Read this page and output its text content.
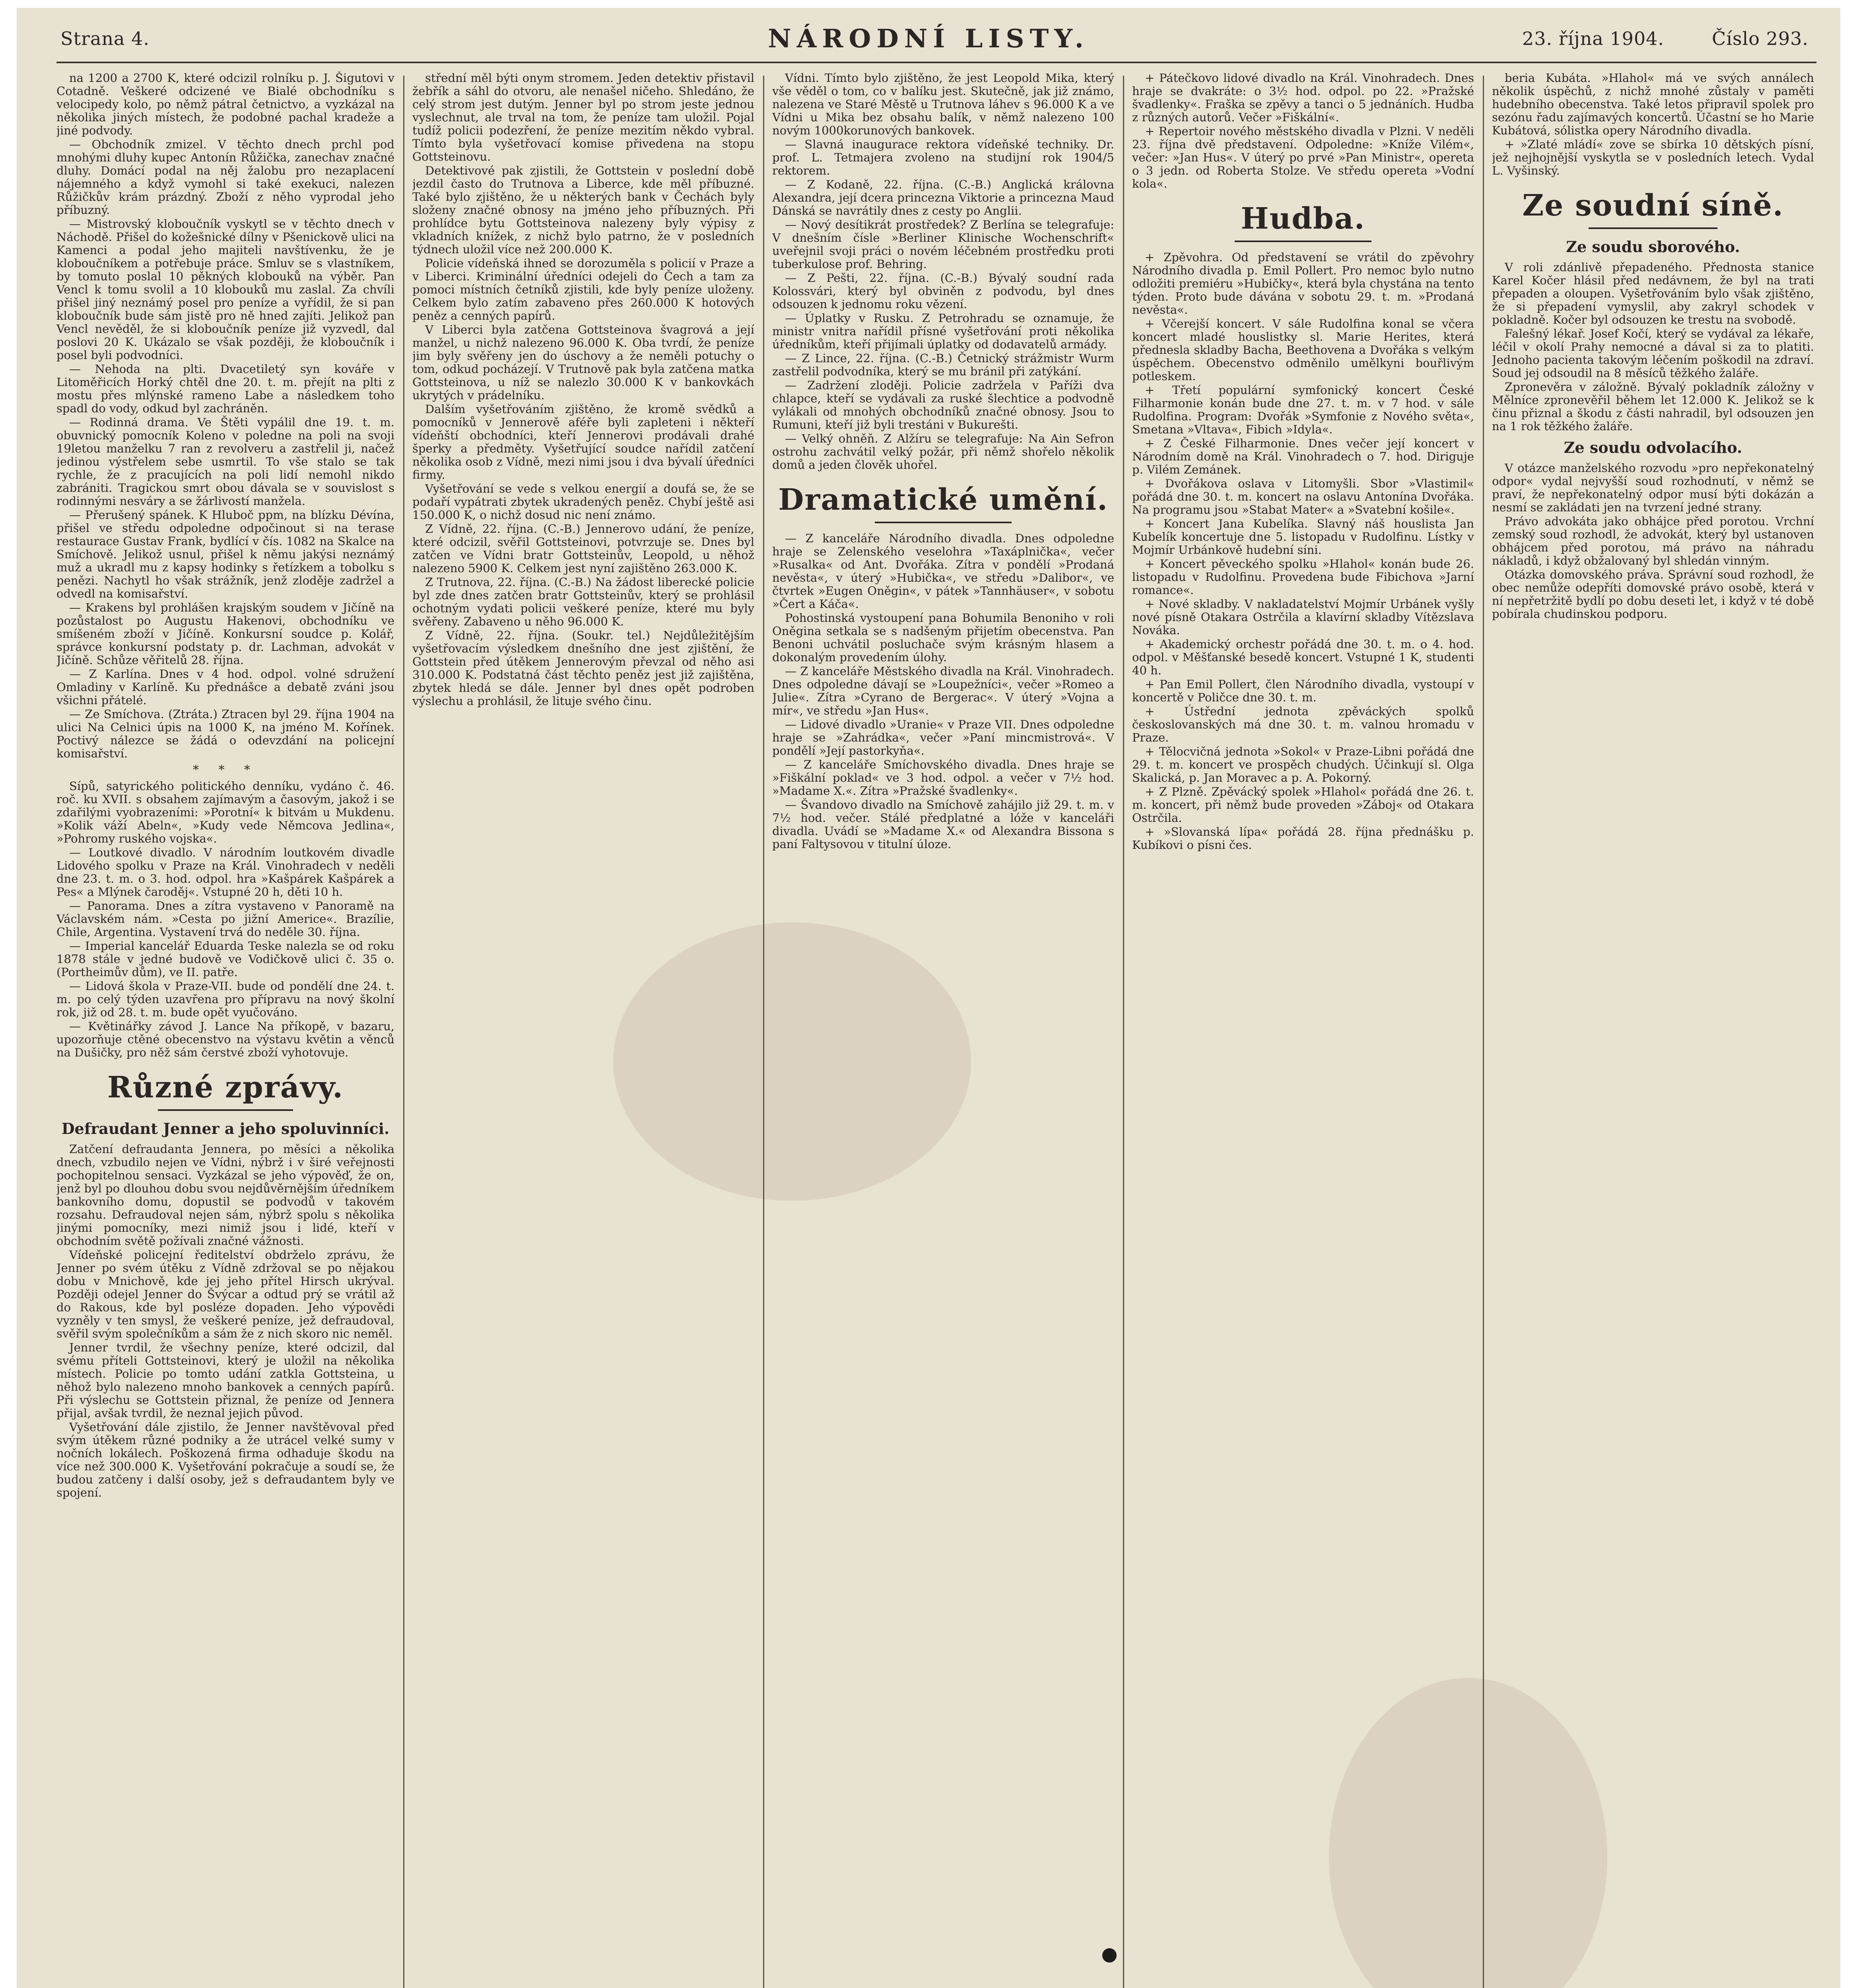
Strana 4.	NÁRODNÍ LISTY.	23. října 1904.	Číslo 293.

na 1200 a 2700 K, které odcizil rolníku p. J. Šigutovi v Cotadně. Veškeré odcizené ve Bialé obchodníku s velocipedy kolo, po němž pátral četnictvo, a vyzkázal na několika jiných místech, že podobné pachal kradeže a jiné podvody.

— Obchodník zmizel. V těchto dnech prchl pod mnohými dluhy kupec Antonín Růžička, zanechav značné dluhy. Domácí podal na něj žalobu pro nezaplacení nájemného a když vymohl si také exekuci, nalezen Růžičkův krám prázdný. Zboží z něho vyprodal jeho příbuzný.

— Mistrovský kloboučník vyskytl se v těchto dnech v Náchodě. Přišel do kožešnické dílny v Pšenickově ulici na Kamenci a podal jeho majiteli navštívenku, že je kloboučníkem a potřebuje práce. Smluv se s vlastníkem, by tomuto poslal 10 pěkných klobouků na výběr. Pan Vencl k tomu svolil a 10 klobouků mu zaslal. Za chvíli přišel jiný neznámý posel pro peníze a vyřídil, že si pan kloboučník bude sám jistě pro ně hned zajíti. Jelikož pan Vencl nevěděl, že si kloboučník peníze již vyzvedl, dal poslovi 20 K. Ukázalo se však později, že kloboučník i posel byli podvodníci.

— Nehoda na plti. Dvacetiletý syn kováře v Litoměřicích Horký chtěl dne 20. t. m. přejít na plti z mostu přes mlýnské rameno Labe a následkem toho spadl do vody, odkud byl zachráněn.

— Rodinná drama. Ve Štěti vypálil dne 19. t. m. obuvnický pomocník Koleno v poledne na poli na svoji 19letou manželku 7 ran z revolveru a zastřelil ji, načež jedinou výstřelem sebe usmrtil. To vše stalo se tak rychle, že z pracujících na poli lidí nemohl nikdo zabrániti. Tragickou smrt obou dávala se v souvislost s rodinnými nesváry a se žárlivostí manžela.

— Přerušený spánek. K Hluboč ppm, na blízku Dévína, přišel ve středu odpoledne odpočinout si na terase restaurace Gustav Frank, bydlící v čís. 1082 na Skalce na Smíchově. Jelikož usnul, přišel k němu jakýsi neznámý muž a ukradl mu z kapsy hodinky s řetízkem a tobolku s penězi. Nachytl ho však strážník, jenž zloděje zadržel a odvedl na komisařství.

— Krakens byl prohlášen krajským soudem v Jičíně na pozůstalost po Augustu Hakenovi, obchodníku ve smíšeném zboží v Jičíně. Konkursní soudce p. Kolář, správce konkursní podstaty p. dr. Lachman, advokát v Jičíně. Schůze věřitelů 28. října.

— Z Karlína. Dnes v 4 hod. odpol. volné sdružení Omladiny v Karlíně. Ku přednášce a debatě zváni jsou všichni přátelé.

— Ze Smíchova. (Ztráta.) Ztracen byl 29. října 1904 na ulici Na Celnici úpis na 1000 K, na jméno M. Kořínek. Poctivý nálezce se žádá o odevzdání na policejní komisařství.

* * *

Sípů, satyrického politického denníku, vydáno č. 46. roč. ku XVII. s obsahem zajímavým a časovým, jakož i se zdařilými vyobrazeními: »Porotní« k bitvám u Mukdenu. »Kolik váží Abeln«, »Kudy vede Němcova Jedlina«, »Pohromy ruského vojska«.

— Loutkové divadlo. V národním loutkovém divadle Lidového spolku v Praze na Král. Vinohradech v neděli dne 23. t. m. o 3. hod. odpol. hra »Kašpárek Kašpárek a Pes« a Mlýnek čaroděj«. Vstupné 20 h, děti 10 h.

— Panorama. Dnes a zítra vystaveno v Panoramě na Václavském nám. »Cesta po jižní Americe«. Brazílie, Chile, Argentina. Vystavení trvá do neděle 30. října.

— Imperial kancelář Eduarda Teske nalezla se od roku 1878 stále v jedné budově ve Vodičkově ulici č. 35 o. (Portheimův dům), ve II. patře.

— Lidová škola v Praze-VII. bude od pondělí dne 24. t. m. po celý týden uzavřena pro přípravu na nový školní rok, již od 28. t. m. bude opět vyučováno.

— Květinářky závod J. Lance Na příkopě, v bazaru, upozorňuje ctěné obecenstvo na výstavu květin a věnců na Dušičky, pro něž sám čerstvé zboží vyhotovuje.

Různé zprávy.
Defraudant Jenner a jeho spoluvinníci.

Zatčení defraudanta Jennera, po měsíci a několika dnech, vzbudilo nejen ve Vídni, nýbrž i v širé veřejnosti pochopitelnou sensaci. Vyzkázal se jeho výpověď, že on, jenž byl po dlouhou dobu svou nejdůvěrnějším úředníkem bankovního domu, dopustil se podvodů v takovém rozsahu. Defraudoval nejen sám, nýbrž spolu s několika jinými pomocníky, mezi nimiž jsou i lidé, kteří v obchodním světě požívali značné vážnosti.

Vídeňské policejní ředitelství obdrželo zprávu, že Jenner po svém útěku z Vídně zdržoval se po nějakou dobu v Mnichově, kde jej jeho přítel Hirsch ukrýval. Později odejel Jenner do Švýcar a odtud prý se vrátil až do Rakous, kde byl posléze dopaden. Jeho výpovědi vyzněly v ten smysl, že veškeré peníze, jež defraudoval, svěřil svým společníkům a sám že z nich skoro nic neměl.

Jenner tvrdil, že všechny peníze, které odcizil, dal svému příteli Gottsteinovi, který je uložil na několika místech. Policie po tomto udání zatkla Gottsteina, u něhož bylo nalezeno mnoho bankovek a cenných papírů. Při výslechu se Gottstein přiznal, že peníze od Jennera přijal, avšak tvrdil, že neznal jejich původ.

Vyšetřování dále zjistilo, že Jenner navštěvoval před svým útěkem různé podniky a že utrácel velké sumy v nočních lokálech. Poškozená firma odhaduje škodu na více než 300.000 K. Vyšetřování pokračuje a soudí se, že budou zatčeny i další osoby, jež s defraudantem byly ve spojení.

střední měl býti onym stromem. Jeden detektiv přistavil žebřík a sáhl do otvoru, ale nenašel ničeho. Shledáno, že celý strom jest dutým. Jenner byl po strom jeste jednou vyslechnut, ale trval na tom, že peníze tam uložil. Pojal tudíž policii podezření, že peníze mezitím někdo vybral. Tímto byla vyšetřovací komise přivedena na stopu Gottsteinovu.

Detektivové pak zjistili, že Gottstein v poslední době jezdil často do Trutnova a Liberce, kde měl příbuzné. Také bylo zjištěno, že u některých bank v Čechách byly složeny značné obnosy na jméno jeho příbuzných. Při prohlídce bytu Gottsteinova nalezeny byly výpisy z vkladních knížek, z nichž bylo patrno, že v posledních týdnech uložil více než 200.000 K.

Policie vídeňská ihned se dorozuměla s policií v Praze a v Liberci. Kriminální úředníci odejeli do Čech a tam za pomoci místních četníků zjistili, kde byly peníze uloženy. Celkem bylo zatím zabaveno přes 260.000 K hotových peněz a cenných papírů.

V Liberci byla zatčena Gottsteinova švagrová a její manžel, u nichž nalezeno 96.000 K. Oba tvrdí, že peníze jim byly svěřeny jen do úschovy a že neměli potuchy o tom, odkud pocházejí. V Trutnově pak byla zatčena matka Gottsteinova, u níž se nalezlo 30.000 K v bankovkách ukrytých v prádelníku.

Dalším vyšetřováním zjištěno, že kromě svědků a pomocníků v Jennerově aféře byli zapleteni i někteří vídeňští obchodníci, kteří Jennerovi prodávali drahé šperky a předměty. Vyšetřující soudce nařídil zatčení několika osob z Vídně, mezi nimi jsou i dva bývalí úředníci firmy.

Vyšetřování se vede s velkou energií a doufá se, že se podaří vypátrati zbytek ukradených peněz. Chybí ještě asi 150.000 K, o nichž dosud nic není známo.

Z Vídně, 22. října. (C.-B.) Jennerovo udání, že peníze, které odcizil, svěřil Gottsteinovi, potvrzuje se. Dnes byl zatčen ve Vídni bratr Gottsteinův, Leopold, u něhož nalezeno 5900 K. Celkem jest nyní zajištěno 263.000 K.

Z Trutnova, 22. října. (C.-B.) Na žádost liberecké policie byl zde dnes zatčen bratr Gottsteinův, který se prohlásil ochotným vydati policii veškeré peníze, které mu byly svěřeny. Zabaveno u něho 96.000 K.

Z Vídně, 22. října. (Soukr. tel.) Nejdůležitějším vyšetřovacím výsledkem dnešního dne jest zjištění, že Gottstein před útěkem Jennerovým převzal od něho asi 310.000 K. Podstatná část těchto peněz jest již zajištěna, zbytek hledá se dále. Jenner byl dnes opět podroben výslechu a prohlásil, že lituje svého činu.

Vídni. Tímto bylo zjištěno, že jest Leopold Mika, který vše věděl o tom, co v balíku jest. Skutečně, jak již známo, nalezena ve Staré Městě u Trutnova láhev s 96.000 K a ve Vídni u Mika bez obsahu balík, v němž nalezeno 100 novým 1000korunových bankovek.

— Slavná inaugurace rektora vídeňské techniky. Dr. prof. L. Tetmajera zvoleno na studijní rok 1904/5 rektorem.

— Z Kodaně, 22. října. (C.-B.) Anglická královna Alexandra, její dcera princezna Viktorie a princezna Maud Dánská se navrátily dnes z cesty po Anglii.

— Nový desítikrát prostředek? Z Berlína se telegrafuje: V dnešním čísle »Berliner Klinische Wochenschrift« uveřejnil svoji práci o novém léčebném prostředku proti tuberkulose prof. Behring.

— Z Pešti, 22. října. (C.-B.) Bývalý soudní rada Kolossvári, který byl obviněn z podvodu, byl dnes odsouzen k jednomu roku vězení.

— Úplatky v Rusku. Z Petrohradu se oznamuje, že ministr vnitra nařídil přísné vyšetřování proti několika úředníkům, kteří přijímali úplatky od dodavatelů armády.

— Z Lince, 22. října. (C.-B.) Četnický strážmistr Wurm zastřelil podvodníka, který se mu bránil při zatýkání.

— Zadržení zloději. Policie zadržela v Paříži dva chlapce, kteří se vydávali za ruské šlechtice a podvodně vylákali od mnohých obchodníků značné obnosy. Jsou to Rumuni, kteří již byli trestáni v Bukurešti.

— Velký ohněň. Z Alžíru se telegrafuje: Na Ain Sefron ostrohu zachvátil velký požár, při němž shořelo několik domů a jeden člověk uhořel.

Dramatické umění.

— Z kanceláře Národního divadla. Dnes odpoledne hraje se Zelenského veselohra »Taxáplnička«, večer »Rusalka« od Ant. Dvořáka. Zítra v pondělí »Prodaná nevěsta«, v úterý »Hubička«, ve středu »Dalibor«, ve čtvrtek »Eugen Oněgin«, v pátek »Tannhäuser«, v sobotu »Čert a Káča«.

Pohostinská vystoupení pana Bohumila Benoniho v roli Oněgina setkala se s nadšeným přijetím obecenstva. Pan Benoni uchvátil posluchače svým krásným hlasem a dokonalým provedením úlohy.

— Z kanceláře Městského divadla na Král. Vinohradech. Dnes odpoledne dávají se »Loupežníci«, večer »Romeo a Julie«. Zítra »Cyrano de Bergerac«. V úterý »Vojna a mír«, ve středu »Jan Hus«.

— Lidové divadlo »Uranie« v Praze VII. Dnes odpoledne hraje se »Zahrádka«, večer »Paní mincmistrová«. V pondělí »Její pastorkyňa«.

— Z kanceláře Smíchovského divadla. Dnes hraje se »Fiškální poklad« ve 3 hod. odpol. a večer v 7½ hod. »Madame X.«. Zítra »Pražské švadlenky«.

— Švandovo divadlo na Smíchově zahájilo již 29. t. m. v 7½ hod. večer. Stálé předplatné a lóže v kanceláři divadla. Uvádí se »Madame X.« od Alexandra Bissona s paní Faltysovou v titulní úloze.

+ Pátečkovo lidové divadlo na Král. Vinohradech. Dnes hraje se dvakráte: o 3½ hod. odpol. po 22. »Pražské švadlenky«. Fraška se zpěvy a tanci o 5 jednáních. Hudba z různých autorů. Večer »Fiškální«.

+ Repertoir nového městského divadla v Plzni. V neděli 23. října dvě představení. Odpoledne: »Kníže Vilém«, večer: »Jan Hus«. V úterý po prvé »Pan Ministr«, opereta o 3 jedn. od Roberta Stolze. Ve středu opereta »Vodní kola«.

Hudba.

+ Zpěvohra. Od představení se vrátil do zpěvohry Národního divadla p. Emil Pollert. Pro nemoc bylo nutno odložiti premiéru »Hubičky«, která byla chystána na tento týden. Proto bude dávána v sobotu 29. t. m. »Prodaná nevěsta«.

+ Včerejší koncert. V sále Rudolfina konal se včera koncert mladé houslistky sl. Marie Herites, která přednesla skladby Bacha, Beethovena a Dvořáka s velkým úspěchem. Obecenstvo odměnilo umělkyni bouřlivým potleskem.

+ Třetí populární symfonický koncert České Filharmonie konán bude dne 27. t. m. v 7 hod. v sále Rudolfina. Program: Dvořák »Symfonie z Nového světa«, Smetana »Vltava«, Fibich »Idyla«.

+ Z České Filharmonie. Dnes večer její koncert v Národním domě na Král. Vinohradech o 7. hod. Diriguje p. Vilém Zemánek.

+ Dvořákova oslava v Litomyšli. Sbor »Vlastimil« pořádá dne 30. t. m. koncert na oslavu Antonína Dvořáka. Na programu jsou »Stabat Mater« a »Svatební košile«.

+ Koncert Jana Kubelíka. Slavný náš houslista Jan Kubelík koncertuje dne 5. listopadu v Rudolfinu. Lístky v Mojmír Urbánkově hudební síni.

+ Koncert pěveckého spolku »Hlahol« konán bude 26. listopadu v Rudolfinu. Provedena bude Fibichova »Jarní romance«.

+ Nové skladby. V nakladatelství Mojmír Urbánek vyšly nové písně Otakara Ostrčila a klavírní skladby Vítězslava Nováka.

+ Akademický orchestr pořádá dne 30. t. m. o 4. hod. odpol. v Měšťanské besedě koncert. Vstupné 1 K, studenti 40 h.

+ Pan Emil Pollert, člen Národního divadla, vystoupí v koncertě v Poličce dne 30. t. m.

+ Ústřední jednota zpěváckých spolků českoslovanských má dne 30. t. m. valnou hromadu v Praze.

+ Tělocvičná jednota »Sokol« v Praze-Libni pořádá dne 29. t. m. koncert ve prospěch chudých. Účinkují sl. Olga Skalická, p. Jan Moravec a p. A. Pokorný.

+ Z Plzně. Zpěvácký spolek »Hlahol« pořádá dne 26. t. m. koncert, při němž bude proveden »Záboj« od Otakara Ostrčila.

+ »Slovanská lípa« pořádá 28. října přednášku p. Kubíkovi o písni čes.

beria Kubáta. »Hlahol« má ve svých annálech několik úspěchů, z nichž mnohé zůstaly v paměti hudebního obecenstva. Také letos připravil spolek pro sezónu řadu zajímavých koncertů. Účastní se ho Marie Kubátová, sólistka opery Národního divadla.

+ »Zlaté mládí« zove se sbírka 10 dětských písní, jež nejhojnější vyskytla se v posledních letech. Vydal L. Vyšinský.

Ze soudní síně.
Ze soudu sborového.

V roli zdánlivě přepadeného. Přednosta stanice Karel Kočer hlásil před nedávnem, že byl na trati přepaden a oloupen. Vyšetřováním bylo však zjištěno, že si přepadení vymyslil, aby zakryl schodek v pokladně. Kočer byl odsouzen ke trestu na svobodě.

Falešný lékař. Josef Kočí, který se vydával za lékaře, léčil v okolí Prahy nemocné a dával si za to platiti. Jednoho pacienta takovým léčením poškodil na zdraví. Soud jej odsoudil na 8 měsíců těžkého žaláře.

Zpronevěra v záložně. Bývalý pokladník záložny v Mělníce zpronevěřil během let 12.000 K. Jelikož se k činu přiznal a škodu z části nahradil, byl odsouzen jen na 1 rok těžkého žaláře.

Ze soudu odvolacího.

V otázce manželského rozvodu »pro nepřekonatelný odpor« vydal nejvyšší soud rozhodnutí, v němž se praví, že nepřekonatelný odpor musí býti dokázán a nesmí se zakládati jen na tvrzení jedné strany.

Právo advokáta jako obhájce před porotou. Vrchní zemský soud rozhodl, že advokát, který byl ustanoven obhájcem před porotou, má právo na náhradu nákladů, i když obžalovaný byl shledán vinným.

Otázka domovského práva. Správní soud rozhodl, že obec nemůže odepříti domovské právo osobě, která v ní nepřetržitě bydlí po dobu deseti let, i když v té době pobírala chudinskou podporu.
